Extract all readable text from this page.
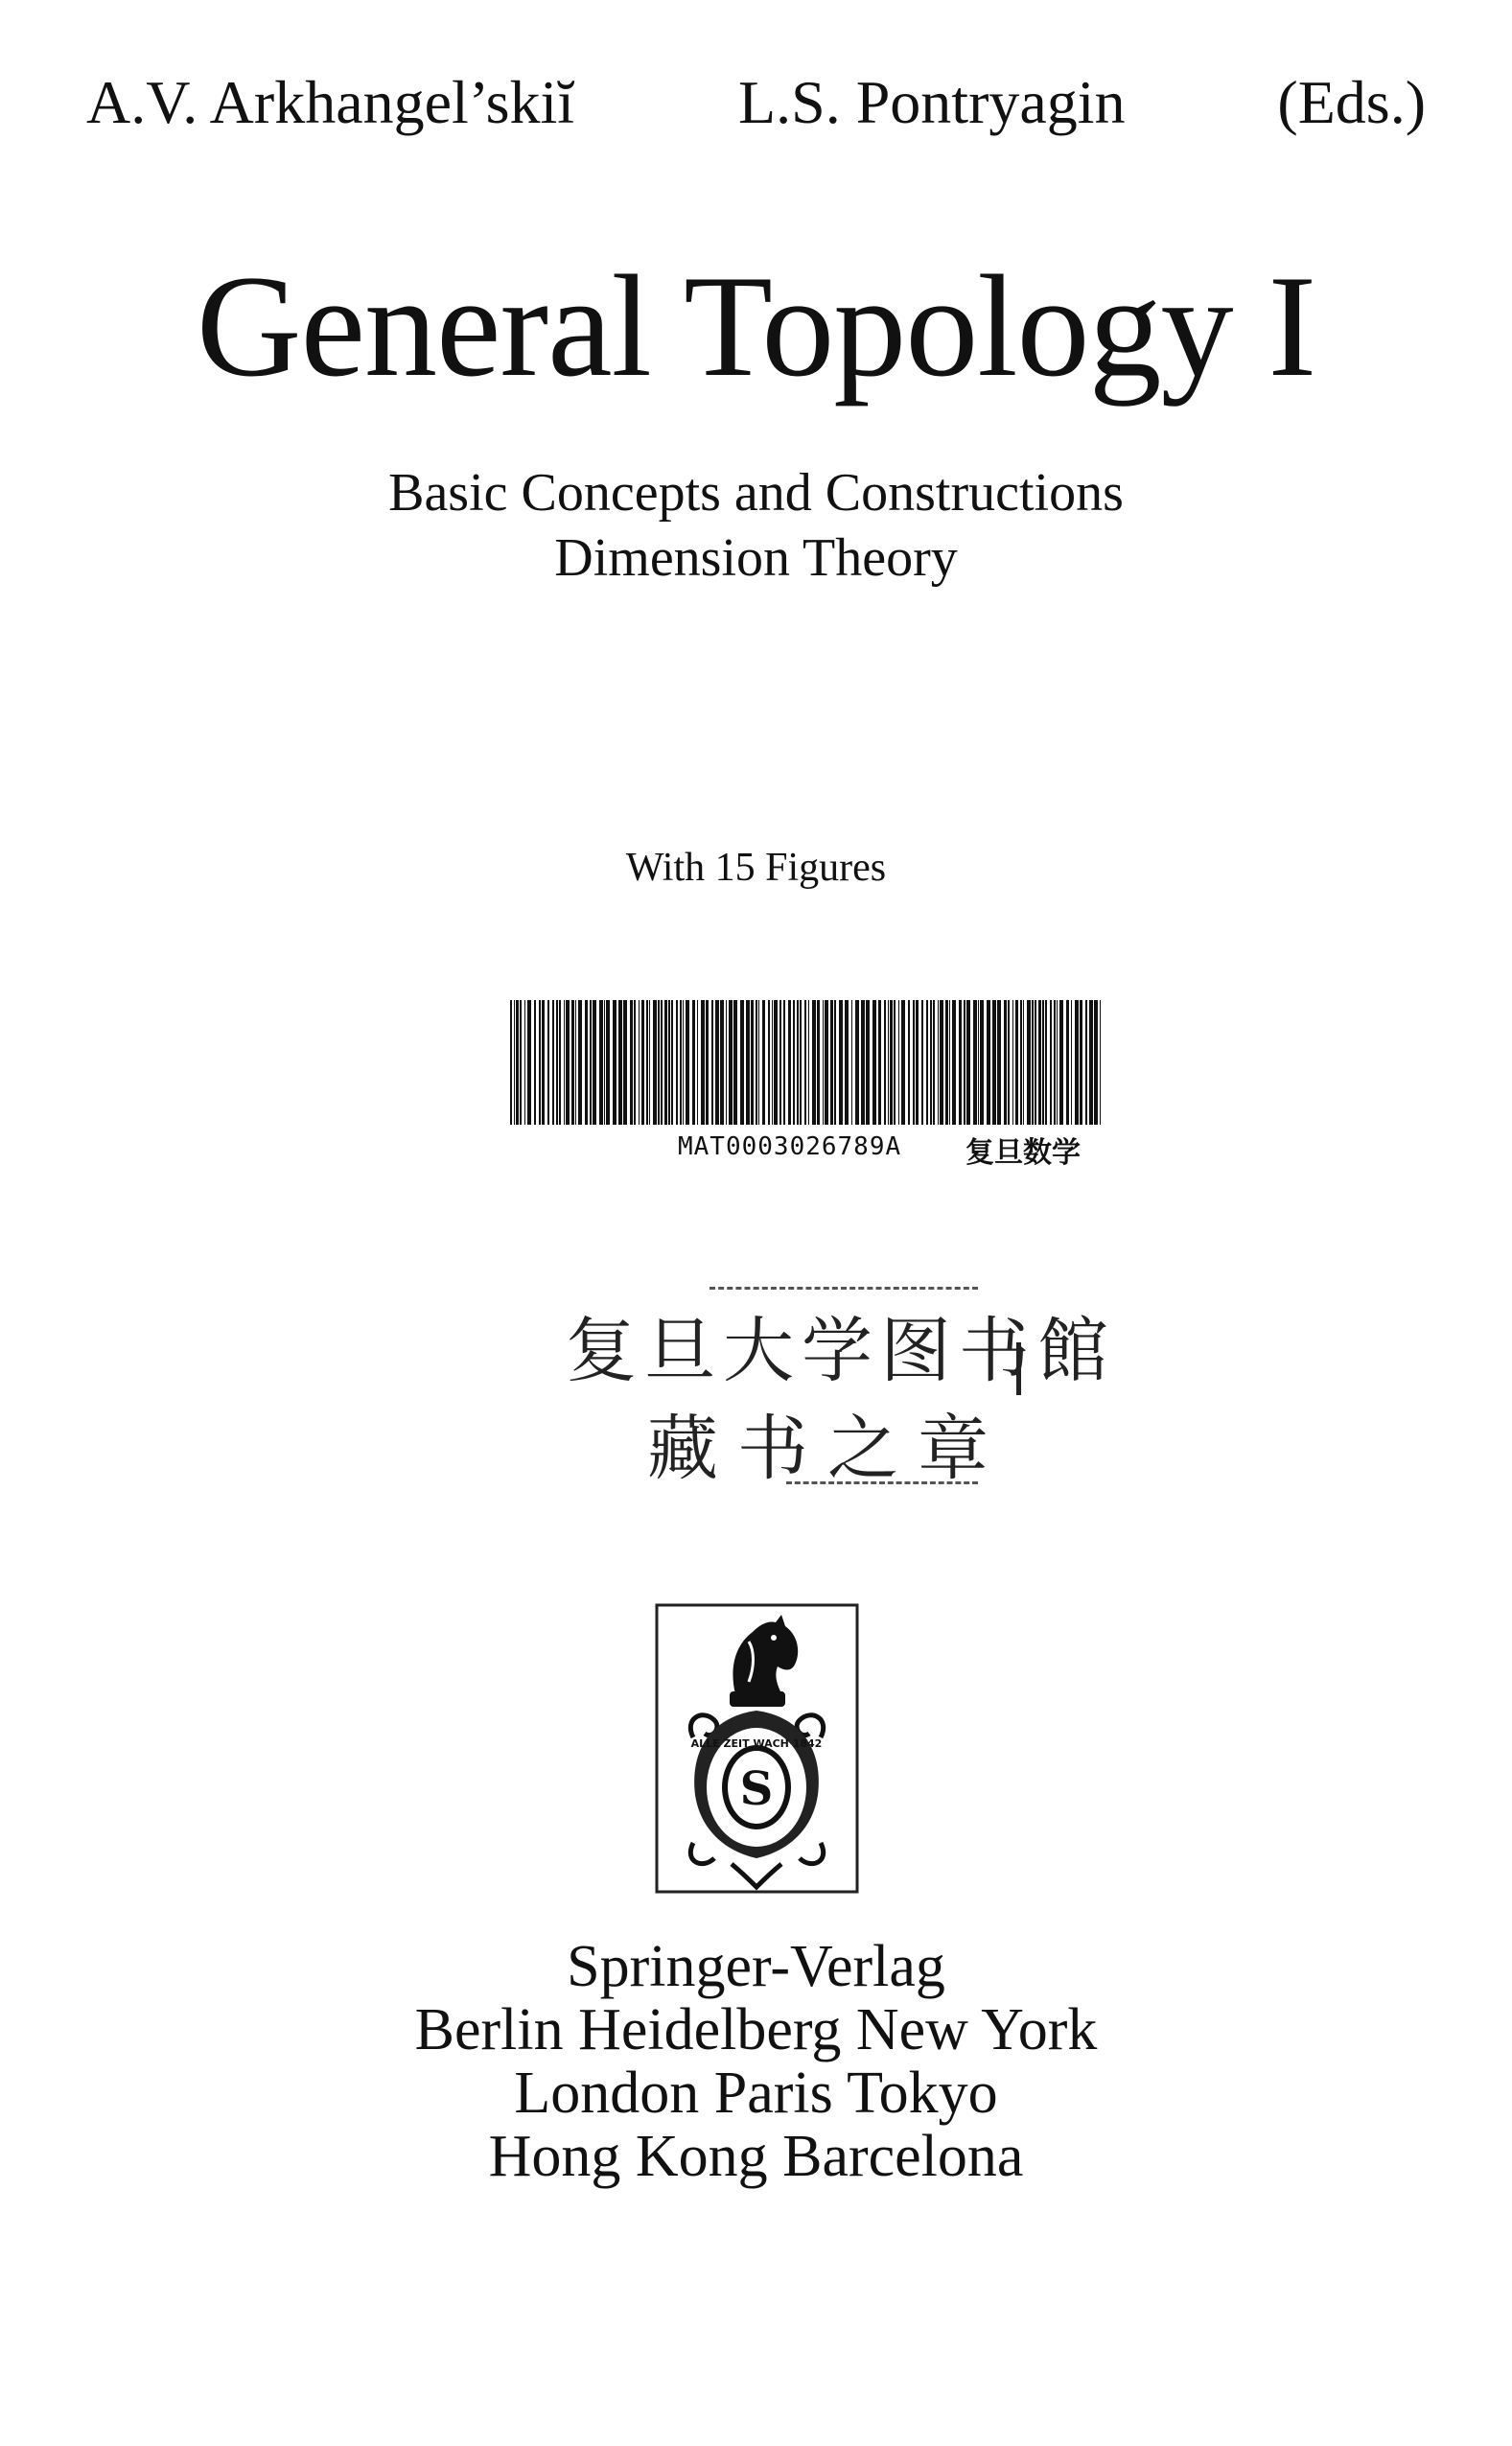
A.V. Arkhangel’skiĭ	L.S. Pontryagin (Eds.)
General Topology I
Basic Concepts and Constructions
Dimension Theory
With 15 Figures
MAT0003026789A 复旦数学
复旦大学图书館
藏书之章
S
ALLE ZEIT WACH 1842
Springer-Verlag
Berlin Heidelberg New York
London Paris Tokyo
Hong Kong Barcelona
